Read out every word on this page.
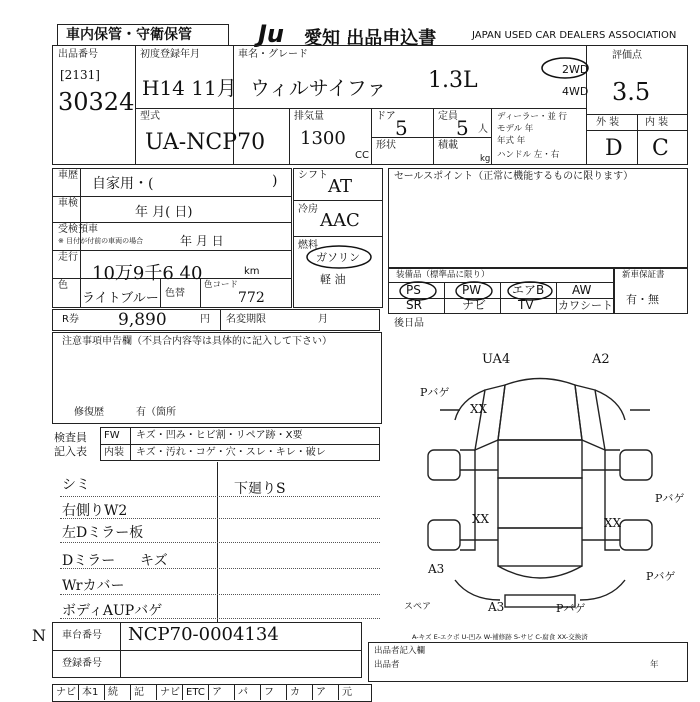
車内保管・守衛保管	Ju 愛知 出品申込書	JAPAN USED CAR DEALERS ASSOCIATION
出品番号
[2131]
30324
初度登録年月
H14 11月
車名・グレード
ウィルサイファ 1.3L	2WD
4WD
評価点
3.5
型式
UA-NCP70
排気量
1300
CC
ドア 5	定員
5 人
形状	積載
kg
ディーラー・並 行
モデル 年
年式 年
ハンドル 左・右
外 装	内 装
D C
車歴
自家用・(	)
車検
年 月( 日)
受検預車
※ 目付が付前の車両の場合	年 月 日
走行
10万9千6 40	km
色
ライトブルー 色替
色コード
772
R券 9,890	円 名変期限	月
シフト
AT
冷房
AAC
燃料
ガソリン
軽 油
セールスポイント（正常に機能するものに限ります）
装備品（標準品に限り）
PS	PW	エアB AW
SR	ナビ	TV カワシート
新車保証書
有・無
後日品
注意事項申告欄（不具合内容等は具体的に記入して下さい）
修復歴	有（箇所
検査員
記入表
FW キズ・凹み・ヒビ割・リペア跡・X要
内装 キズ・汚れ・コゲ・穴・スレ・キレ・破レ
シミ
右側りW2
左Dミラー板
Dミラー キズ
Wrカバー
ボディAUPバゲ
下廻りS
UA4	A2
Pバゲ
XX
Pバゲ
XX	XX
A3
Pバゲ
A3	Pバゲ
スペア
N 車台番号 NCP70-0004134
登録番号
A-キズ E-エクボ U-凹み W-補修跡 S-サビ C-腐食 XX-交換済
出品者記入欄
出品者	年
ナビ 本1 続 記 ナビ ETC ア パ フ カ ア 元
